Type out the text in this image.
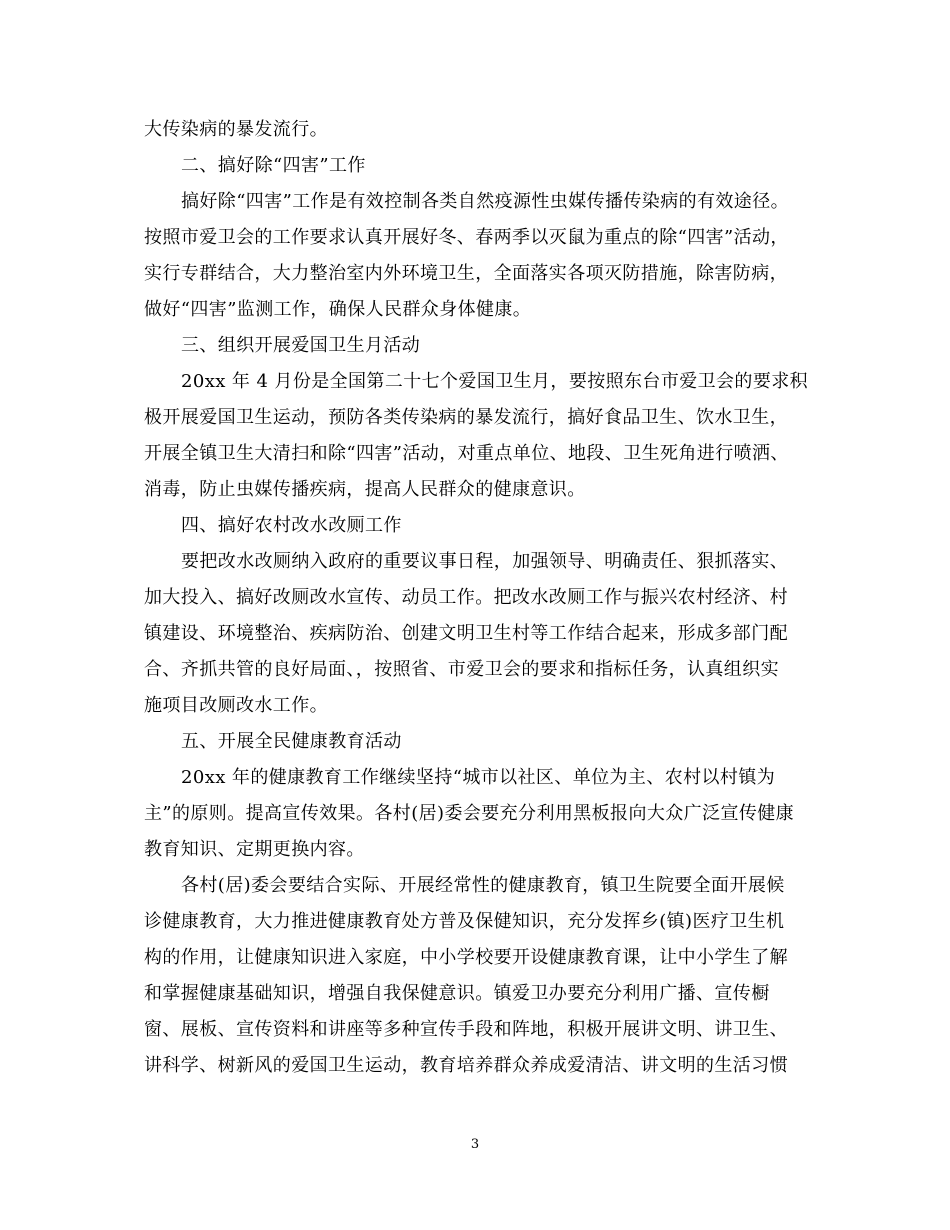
大传染病的暴发流行。
二、搞好除“四害”工作
搞好除“四害”工作是有效控制各类自然疫源性虫媒传播传染病的有效途径。
按照市爱卫会的工作要求认真开展好冬、春两季以灭鼠为重点的除“四害”活动，
实行专群结合，大力整治室内外环境卫生，全面落实各项灭防措施，除害防病，
做好“四害”监测工作，确保人民群众身体健康。
三、组织开展爱国卫生月活动
20xx 年 4 月份是全国第二十七个爱国卫生月，要按照东台市爱卫会的要求积
极开展爱国卫生运动，预防各类传染病的暴发流行，搞好食品卫生、饮水卫生，
开展全镇卫生大清扫和除“四害”活动，对重点单位、地段、卫生死角进行喷洒、
消毒，防止虫媒传播疾病，提高人民群众的健康意识。
四、搞好农村改水改厕工作
要把改水改厕纳入政府的重要议事日程，加强领导、明确责任、狠抓落实、
加大投入、搞好改厕改水宣传、动员工作。把改水改厕工作与振兴农村经济、村
镇建设、环境整治、疾病防治、创建文明卫生村等工作结合起来，形成多部门配
合、齐抓共管的良好局面、，按照省、市爱卫会的要求和指标任务，认真组织实
施项目改厕改水工作。
五、开展全民健康教育活动
20xx 年的健康教育工作继续坚持“城市以社区、单位为主、农村以村镇为
主”的原则。提高宣传效果。各村(居)委会要充分利用黑板报向大众广泛宣传健康
教育知识、定期更换内容。
各村(居)委会要结合实际、开展经常性的健康教育，镇卫生院要全面开展候
诊健康教育，大力推进健康教育处方普及保健知识，充分发挥乡(镇)医疗卫生机
构的作用，让健康知识进入家庭，中小学校要开设健康教育课，让中小学生了解
和掌握健康基础知识，增强自我保健意识。镇爱卫办要充分利用广播、宣传橱
窗、展板、宣传资料和讲座等多种宣传手段和阵地，积极开展讲文明、讲卫生、
讲科学、树新风的爱国卫生运动，教育培养群众养成爱清洁、讲文明的生活习惯
3
